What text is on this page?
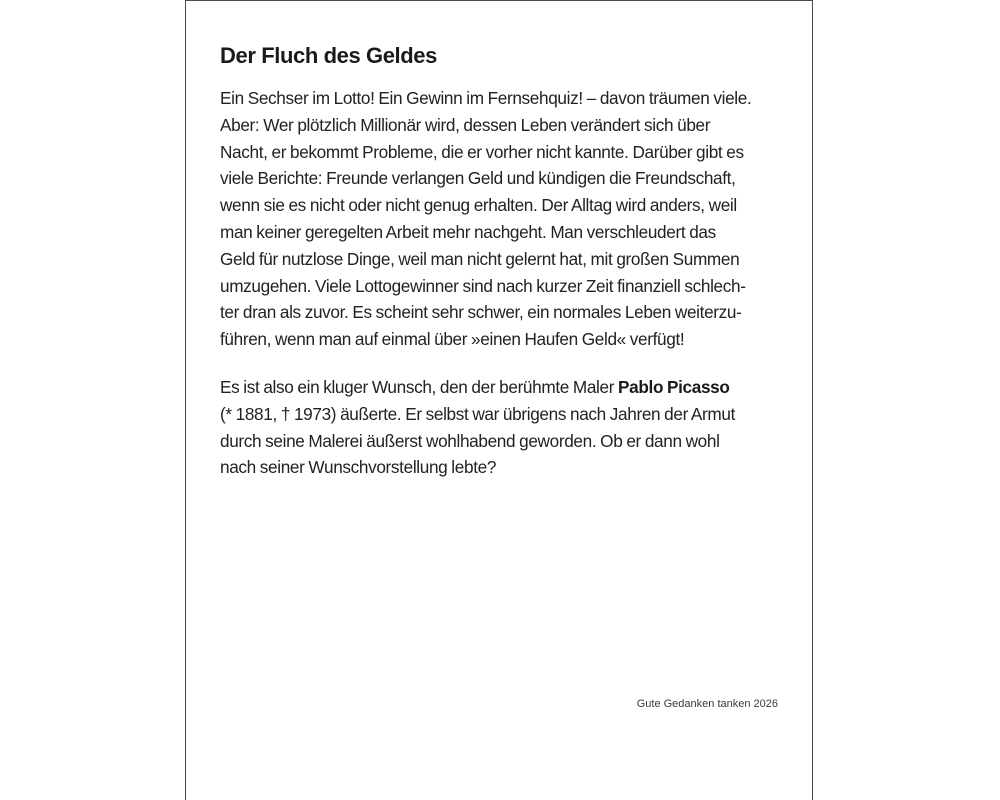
Der Fluch des Geldes

Ein Sechser im Lotto! Ein Gewinn im Fernsehquiz! – davon träumen viele.
Aber: Wer plötzlich Millionär wird, dessen Leben verändert sich über
Nacht, er bekommt Probleme, die er vorher nicht kannte. Darüber gibt es
viele Berichte: Freunde verlangen Geld und kündigen die Freundschaft,
wenn sie es nicht oder nicht genug erhalten. Der Alltag wird anders, weil
man keiner geregelten Arbeit mehr nachgeht. Man verschleudert das
Geld für nutzlose Dinge, weil man nicht gelernt hat, mit großen Summen
umzugehen. Viele Lottogewinner sind nach kurzer Zeit finanziell schlech-
ter dran als zuvor. Es scheint sehr schwer, ein normales Leben weiterzu-
führen, wenn man auf einmal über »einen Haufen Geld« verfügt!

Es ist also ein kluger Wunsch, den der berühmte Maler Pablo Picasso
(* 1881, † 1973) äußerte. Er selbst war übrigens nach Jahren der Armut
durch seine Malerei äußerst wohlhabend geworden. Ob er dann wohl
nach seiner Wunschvorstellung lebte?

Gute Gedanken tanken 2026
